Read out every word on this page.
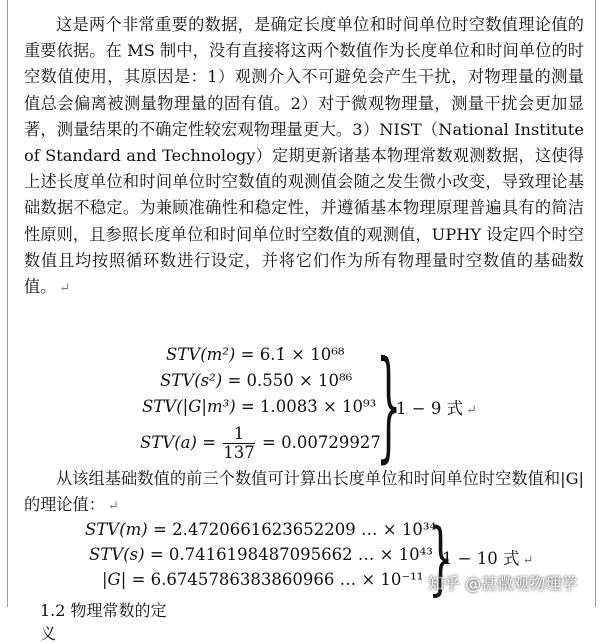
这是两个非常重要的数据，是确定长度单位和时间单位时空数值理论值的重要依据。在 MS 制中，没有直接将这两个数值作为长度单位和时间单位的时空数值使用，其原因是：1）观测介入不可避免会产生干扰，对物理量的测量值总会偏离被测量物理量的固有值。2）对于微观物理量，测量干扰会更加显著，测量结果的不确定性较宏观物理量更大。3）NIST（National Institute of Standard and Technology）定期更新诸基本物理常数观测数据，这使得上述长度单位和时间单位时空数值的观测值会随之发生微小改变，导致理论基础数据不稳定。为兼顾准确性和稳定性，并遵循基本物理原理普遍具有的简洁性原则，且参照长度单位和时间单位时空数值的观测值，UPHY 设定四个时空数值且均按照循环数进行设定，并将它们作为所有物理量时空数值的基础数值。 ↵

STV(m²) = 6.1̇ × 10⁶⁸
STV(s²) = 0.550̇ × 10⁸⁶
STV(|G|m³) = 1.0083̇ × 10⁹³
$STV(a) = \frac{1}{137}$ = 0.0̇07̇29̇92̇7̇
}
1 − 9 式 ↵

从该组基础数值的前三个数值可计算出长度单位和时间单位时空数值和|G|的理论值： ↵

STV(m) = 2.4720661623652209 … × 10³⁴
STV(s) = 0.7416198487095662 … × 10⁴³
|G| = 6.6745786383860966 … × 10⁻¹¹ }
1 − 10 式 ↵
知乎 @甚微观物理学
1.2 物理常数的定义
